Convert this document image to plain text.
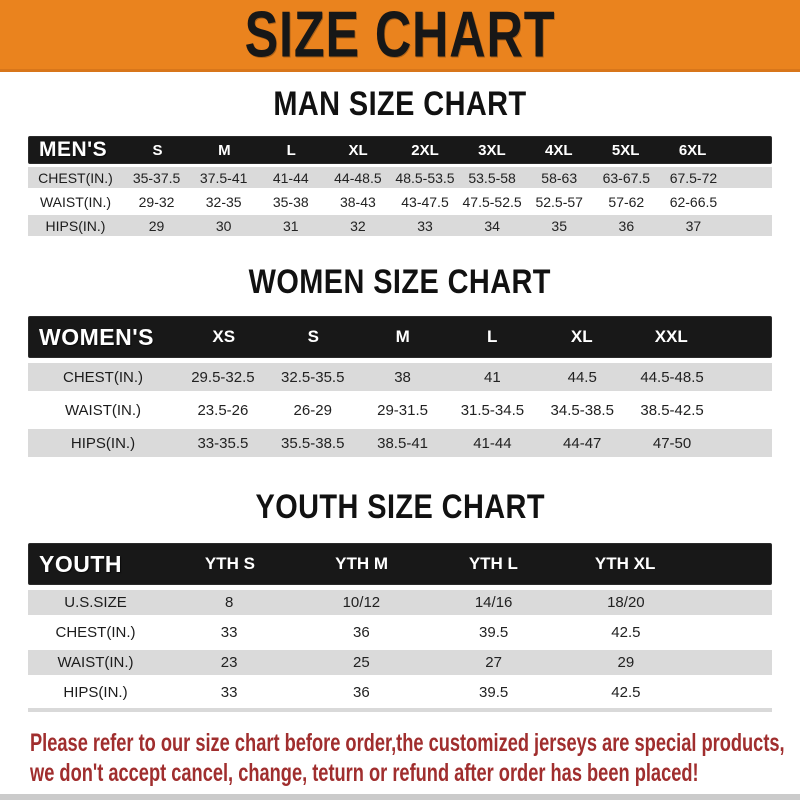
SIZE CHART
MAN SIZE CHART
MEN'S	S	M	L	XL	2XL	3XL	4XL	5XL	6XL
CHEST(IN.)	35-37.5	37.5-41	41-44	44-48.5 48.5-53.5 53.5-58	58-63	63-67.5	67.5-72
WAIST(IN.)	29-32	32-35	35-38	38-43	43-47.5 47.5-52.5 52.5-57	57-62	62-66.5
HIPS(IN.)	29	30	31	32	33	34	35	36	37
WOMEN SIZE CHART
WOMEN'S	XS	S	M	L	XL	XXL
CHEST(IN.)	29.5-32.5	32.5-35.5	38	41	44.5	44.5-48.5
WAIST(IN.)	23.5-26	26-29	29-31.5	31.5-34.5	34.5-38.5	38.5-42.5
HIPS(IN.)	33-35.5	35.5-38.5	38.5-41	41-44	44-47	47-50
YOUTH SIZE CHART
YOUTH	YTH S	YTH M	YTH L	YTH XL
U.S.SIZE	8	10/12	14/16	18/20
CHEST(IN.)	33	36	39.5	42.5
WAIST(IN.)	23	25	27	29
HIPS(IN.)	33	36	39.5	42.5
Please refer to our size chart before order,the customized jerseys are special products,
we don't accept cancel, change, teturn or refund after order has been placed!
